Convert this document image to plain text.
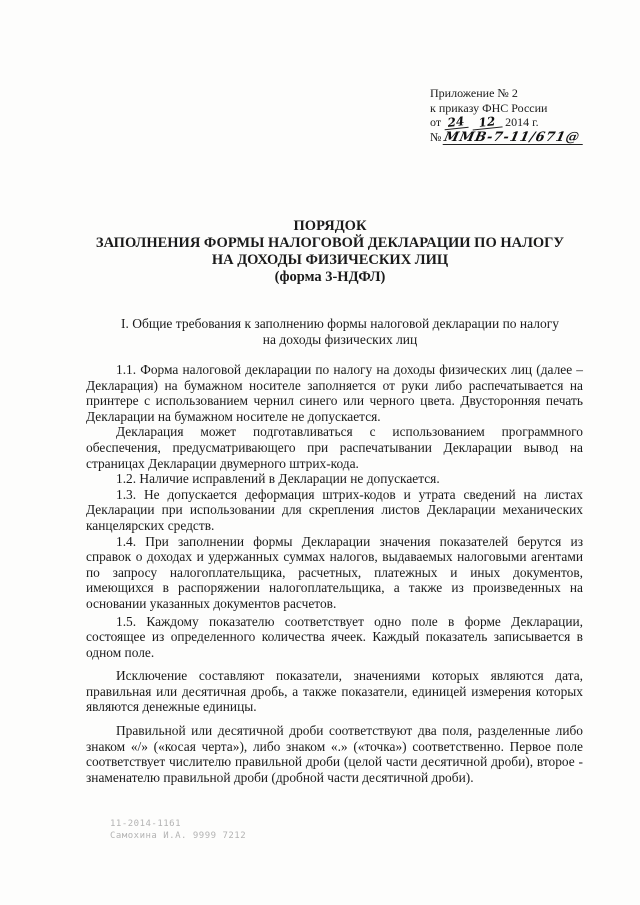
Приложение № 2
к приказу ФНС России
от 24 12 2014 г.
№ ММВ-7-11/671@
ПОРЯДОК
ЗАПОЛНЕНИЯ ФОРМЫ НАЛОГОВОЙ ДЕКЛАРАЦИИ ПО НАЛОГУ
НА ДОХОДЫ ФИЗИЧЕСКИХ ЛИЦ
(форма 3-НДФЛ)
I. Общие требования к заполнению формы налоговой декларации по налогу
на доходы физических лиц

1.1. Форма налоговой декларации по налогу на доходы физических лиц (далее – Декларация) на бумажном носителе заполняется от руки либо распечатывается на принтере с использованием чернил синего или черного цвета. Двусторонняя печать Декларации на бумажном носителе не допускается.

Декларация может подготавливаться с использованием программного обеспечения, предусматривающего при распечатывании Декларации вывод на страницах Декларации двумерного штрих-кода.

1.2. Наличие исправлений в Декларации не допускается.

1.3. Не допускается деформация штрих-кодов и утрата сведений на листах Декларации при использовании для скрепления листов Декларации механических канцелярских средств.

1.4. При заполнении формы Декларации значения показателей берутся из справок о доходах и удержанных суммах налогов, выдаваемых налоговыми агентами по запросу налогоплательщика, расчетных, платежных и иных документов, имеющихся в распоряжении налогоплательщика, а также из произведенных на основании указанных документов расчетов.

1.5. Каждому показателю соответствует одно поле в форме Декларации, состоящее из определенного количества ячеек. Каждый показатель записывается в одном поле.

Исключение составляют показатели, значениями которых являются дата, правильная или десятичная дробь, а также показатели, единицей измерения которых являются денежные единицы.

Правильной или десятичной дроби соответствуют два поля, разделенные либо знаком «/» («косая черта»), либо знаком «.» («точка») соответственно. Первое поле соответствует числителю правильной дроби (целой части десятичной дроби), второе - знаменателю правильной дроби (дробной части десятичной дроби).

11-2014-1161
Самохина И.А. 9999 7212
